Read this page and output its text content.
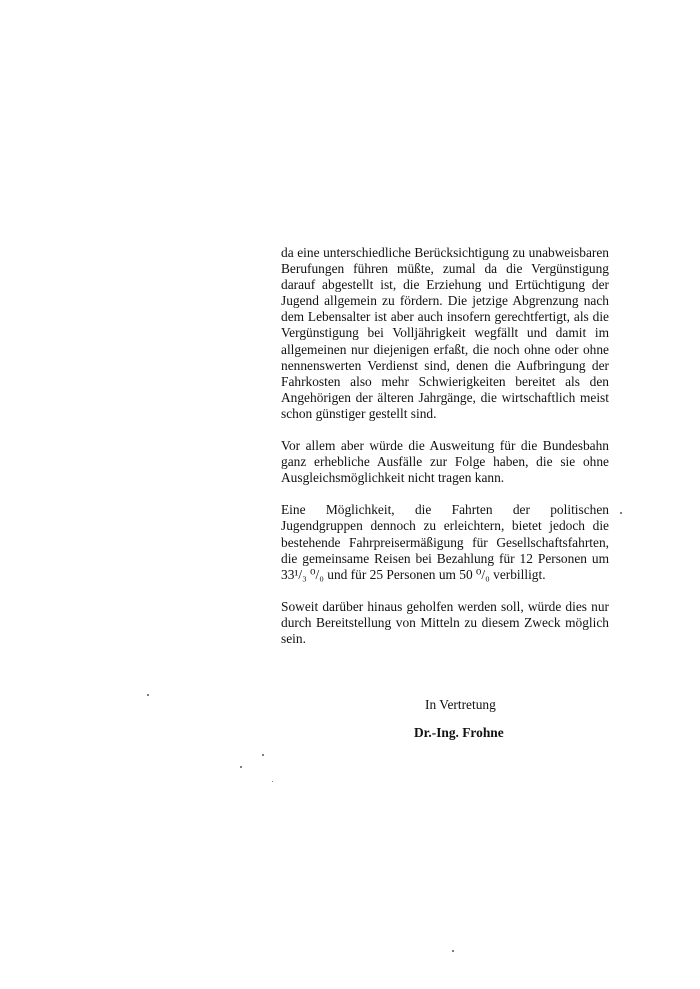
da eine unterschiedliche Berücksichtigung zu unabweisbaren Berufungen führen müßte, zumal da die Vergünstigung darauf abgestellt ist, die Erziehung und Ertüchtigung der Jugend allgemein zu fördern. Die jetzige Abgrenzung nach dem Lebensalter ist aber auch insofern gerechtfertigt, als die Vergünstigung bei Volljährigkeit wegfällt und damit im allgemeinen nur diejenigen erfaßt, die noch ohne oder ohne nennenswerten Verdienst sind, denen die Aufbringung der Fahrkosten also mehr Schwierigkeiten bereitet als den Angehörigen der älteren Jahrgänge, die wirtschaftlich meist schon günstiger gestellt sind.

Vor allem aber würde die Ausweitung für die Bundesbahn ganz erhebliche Ausfälle zur Folge haben, die sie ohne Ausgleichsmöglichkeit nicht tragen kann.

Eine Möglichkeit, die Fahrten der politischen Jugendgruppen dennoch zu erleichtern, bietet jedoch die bestehende Fahrpreisermäßigung für Gesellschaftsfahrten, die gemeinsame Reisen bei Bezahlung für 12 Personen um 33¹/₃ ⁰/₀ und für 25 Personen um 50 ⁰/₀ verbilligt.

Soweit darüber hinaus geholfen werden soll, würde dies nur durch Bereitstellung von Mitteln zu diesem Zweck möglich sein.

In Vertretung
Dr.-Ing. Frohne
